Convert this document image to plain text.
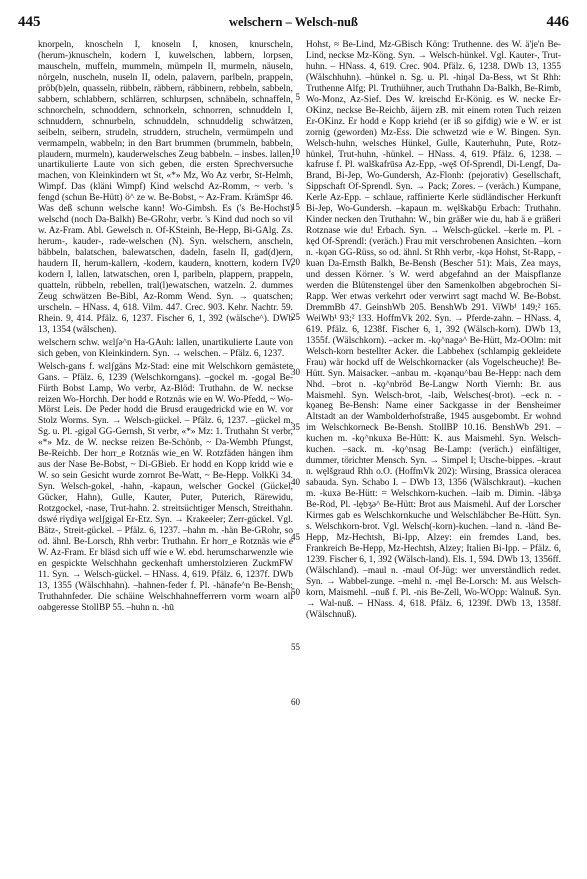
445	welschern – Welsch-nuß	446

knorpeln, knoscheln I, knoseln I, knosen, knurscheln, (herum-)knuscheln, kodern I, kuwelschen, labbern, lorpsen, mauscheln, muffeln, mummeln, mümpeln II, murmeln, näuseln, nörgeln, nuscheln, nuseln II, odeln, palavern, parlbeln, prappeln, pröb(b)eln, quasseln, rübbeln, räbbern, räbbinern, rebbeln, sabbeln, sabbern, schlabbern, schlärren, schlurpsen, schnäbeln, schnaffeln, schnorcheln, schnoddern, schnorkeln, schnorren, schnuddeln I, schnuddern, schnurbeln, schnuddeln, schnuddelig schwätzen, seibeln, seibern, strudeln, struddern, strucheln, vermümpeln und vermampeln, wabbeln; in den Bart brummen (brummeln, babbeln, plaudern, murmeln), kauderwelsches Zeug babbeln. – insbes. lallen, unartikulierte Laute von sich geben, die ersten Sprechversuche machen, von Kleinkindern wt St, «*» Mz, Wo Az verbr, St-Helmh, Wimpf. Das (kläni Wimpf) Kind welschd Az-Romm, ~ verb. 's fengd (schun Be-Hütt) ö^ ze w. Be-Bobst, ~ Az-Fram. KrämSpr 46. Was deß schunn welsche kann! Wo-Gimbsh. Es ('s Be-Hochst) welschd (noch Da-Balkh) Be-GRohr, verbr. 's Kind dud noch so vil w. Az-Fram. Abl. Gewelsch n. Of-KSteinh, Be-Hepp, Bi-GAlg. Zs. herum-, kauder-, rade-welschen (N). Syn. welschern, anscheln, bäbbeln, balatschen, balewatschen, dadeln, faseln II, gad(d)ern, haudern II, herum-kallern, -kodern, kaudern, knottern, kodern IV, kodern I, lallen, latwatschen, oren I, parlbeln, plappern, prappeln, quatteln, rübbeln, rebellen, tral(l)ewatschen, watzeln. 2. dummes Zeug schwätzen Be-Bibl, Az-Romm Wend. Syn. → quatschen; urscheln. – HNass. 4, 618. Vilm. 447. Crec. 903. Kehr. Nachtr. 59. Rhein. 9, 414. Pfälz. 6, 1237. Fischer 6, 1, 392 (wälsche^). DWb 13, 1354 (wälschen).

welschern schw. wεlʃə^n Ha-GAuh: lallen, unartikulierte Laute von sich geben, von Kleinkindern. Syn. → welschen. – Pfälz. 6, 1237.

Welsch-gans f. wεlʃgäns Mz-Stad: eine mit Welschkorn gemästete Gans. – Pfälz. 6, 1239 (Welschkorngans). –gockel m. -gogəl Be-Fürth Bobst Lamp, Wo verbr, Az-Blöd: Truthahn. de W. neckse reizen Wo-Horchh. Der hodd e Rotznäs wie en W. Wo-Pfedd, ~ Wo-Mörst Leis. De Peder hodd die Brusd eraugedrickd wie en W. vor Stolz Worms. Syn. → Welsch-gückel. – Pfälz. 6, 1237. –gückel m. Sg. u. Pl. -gigəl GG-Gernsh, St verbr, «*» Mz: 1. Truthahn St verbr, «*» Mz. de W. neckse reizen Be-Schönb, ~ Da-Wembh Pfungst, Be-Reichb. Der horr_e Rotznäs wie_en W. Rotzfäden hängen ihm aus der Nase Be-Bobst, ~ Di-GBieb. Er hodd en Kopp kridd wie e W. so sein Gesicht wurde zornrot Be-Watt, ~ Be-Hepp. VolkKi 34. Syn. Welsch-gokel, -hahn, -kapaun, welscher Gockel (Gückel, Gücker, Hahn), Gulle, Kauter, Puter, Puterich, Rärewidu, Rotzgockel, -nase, Trut-hahn. 2. streitsüchtiger Mensch, Streithahn. dswé riɣdiɣə wεlʃgigəl Er-Etz. Syn. → Krakeeler; Zerr-gückel. Vgl. Bätz-, Streit-gückel. – Pfälz. 6, 1237. –hahn m. -hän Be-GRohr, so od. ähnl. Be-Lorsch, Rhh verbr: Truthahn. Er horr_e Rotznäs wie e W. Az-Fram. Er bläsd sich uff wie e W. ebd. herumscharwenzle wie en gespickte Welschhahn geckenhaft umherstolzieren ZuckmFW 11. Syn. → Welsch-gückel. – HNass. 4, 619. Pfälz. 6, 1237f. DWb 13, 1355 (Wälschhahn). –hahnen-feder f. Pl. -hänəfe^n Be-Bensh: Truthahnfeder. Die schäine Welschhahnefferrern vorm woarn all oabgeresse StollBP 55. –huhn n. -hū

5
10
15
20
25
30
35
40
45
50
55
60

Hohst, ≈ Be-Lind, Mz-GBisch Köng: Truthenne. des W. ä'je'n Be-Lind, neckse Mz-Köng. Syn. → Welsch-hünkel. Vgl. Kauter-, Trut-huhn. – HNass. 4, 619. Crec. 904. Pfälz. 6, 1238. DWb 13, 1355 (Wälschhuhn). –hünkel n. Sg. u. Pl. -hiŋəl Da-Bess, wt St Rhh: Truthenne Alfg; Pl. Truthühner, auch Truthahn Da-Balkh, Be-Rimb, Wo-Monz, Az-Sief. Des W. kreischd Er-König. es W. necke Er-OKinz, neckse Be-Reichb, äijern zB. mit einem roten Tuch reizen Er-OKinz. Er hodd e Kopp kriehd (er iß so gifdig) wie e W. er ist zornig (geworden) Mz-Ess. Die schwetzd wie e W. Bingen. Syn. Welsch-huhn, welsches Hünkel, Gulle, Kauterhuhn, Pute, Rotz-hünkel, Trut-huhn, -hünkel. – HNass. 4, 619. Pfälz. 6, 1238. –kafruse f. Pl. walškafrūsə Az-Epp, -węš Of-Sprendl, Di-Lengf, Da-Brand, Bi-Jep, Wo-Gundersh, Az-Flonh: (pejorativ) Gesellschaft, Sippschaft Of-Sprendl. Syn. → Pack; Zores. – (veräch.) Kumpane, Kerle Az-Epp. – schlaue, raffinierte Kerle südländischer Herkunft Bi-Jep, Wo-Gundersh. –kapaun m. węlškabǭu Erbach: Truthahn. Kinder necken den Truthahn: W., bin gräßer wie du, hab ä e gräßeri Rotznase wie du! Erbach. Syn. → Welsch-gückel. –kerle m. Pl. -kęd Of-Sprendl: (veräch.) Frau mit verschrobenen Ansichten. –korn n. -kǫǝn GG-Rüss, so od. ähnl. St Rhh verbr, -kǫǝ Hohst, St-Rapp, -kuǝn Da-Ernsth Balkh, Be-Bensh (Bescher 51): Mais, Zea mays, und dessen Körner. 's W. werd abgefahnd an der Maispflanze werden die Blütenstengel über den Samenkolben abgebrochen Si-Rapp. Wer etwas verkehrt oder verwirrt sagt machd W. Be-Bobst. DremmBb 47. GeinshWb 205. BenshWb 291. ViWb¹ 149;² 165. WeiWb¹ 93;² 133. HoffmVk 202. Syn. → Pferde-zahn. – HNass. 4, 619. Pfälz. 6, 1238f. Fischer 6, 1, 392 (Wälsch-korn). DWb 13, 1355f. (Wälschkorn). –acker m. -kǫ^nagə^ Be-Hütt, Mz-OOlm: mit Welsch-korn bestellter Acker. die Labbehex (schlampig gekleidete Frau) wär hockd uff de Welschkornacker (als Vogelscheuche)! Be-Hütt. Syn. Maisacker. –anbau m. -kǫənąu^bau Be-Hepp: nach dem Nhd. –brot n. -kǫ^nbröd Be-Langw North Viernh: Br. aus Maismehl. Syn. Welsch-brot, -laib, Welsches(-brot). –eck n. -kǫəneg Be-Bensh: Name einer Sackgasse in der Bensheimer Altstadt an der Wambolderhofstraße, 1945 ausgebombt. Er wohnd im Welschkorneck Be-Bensh. StollBP 10.16. BenshWb 291. –kuchen m. -kǫ^nkuxə Be-Hütt: K. aus Maismehl. Syn. Welsch-kuchen. –sack. m. -kǫ^nsag Be-Lamp: (veräch.) einfältiger, dummer, törichter Mensch. Syn. → Simpel I; Utsche-bippes. –kraut n. węlšgraud Rhh o.O. (HoffmVk 202): Wirsing, Brassica oleracea sabauda. Syn. Schabo I. – DWb 13, 1356 (Wälschkraut). –kuchen m. -kuxə Be-Hütt: = Welschkorn-kuchen. –laib m. Dimin. -läbʒə Be-Rod, Pl. -lębʒə^ Be-Hütt: Brot aus Maismehl. Auf der Lorscher Kirmes gab es Welschkornkuche und Welschläbcher Be-Hütt. Syn. s. Welschkorn-brot. Vgl. Welsch(-korn)-kuchen. –land n. -länd Be-Hepp, Mz-Hechtsh, Bi-Ipp, Alzey: ein fremdes Land, bes. Frankreich Be-Hepp, Mz-Hechtsh, Alzey; Italien Bi-Ipp. – Pfälz. 6, 1239. Fischer 6, 1, 392 (Wälsch-land). Els. 1, 594. DWb 13, 1356ff. (Wälschland). –maul n. -maul Of-Jüg: wer unverständlich redet. Syn. → Wabbel-zunge. –mehl n. -męl Be-Lorsch: M. aus Welsch-korn, Maismehl. –nuß f. Pl. -nis Be-Zell, Wo-WOpp: Walnuß. Syn. → Wal-nuß. – HNass. 4, 618. Pfälz. 6, 1239f. DWb 13, 1358f. (Wälschnuß).
